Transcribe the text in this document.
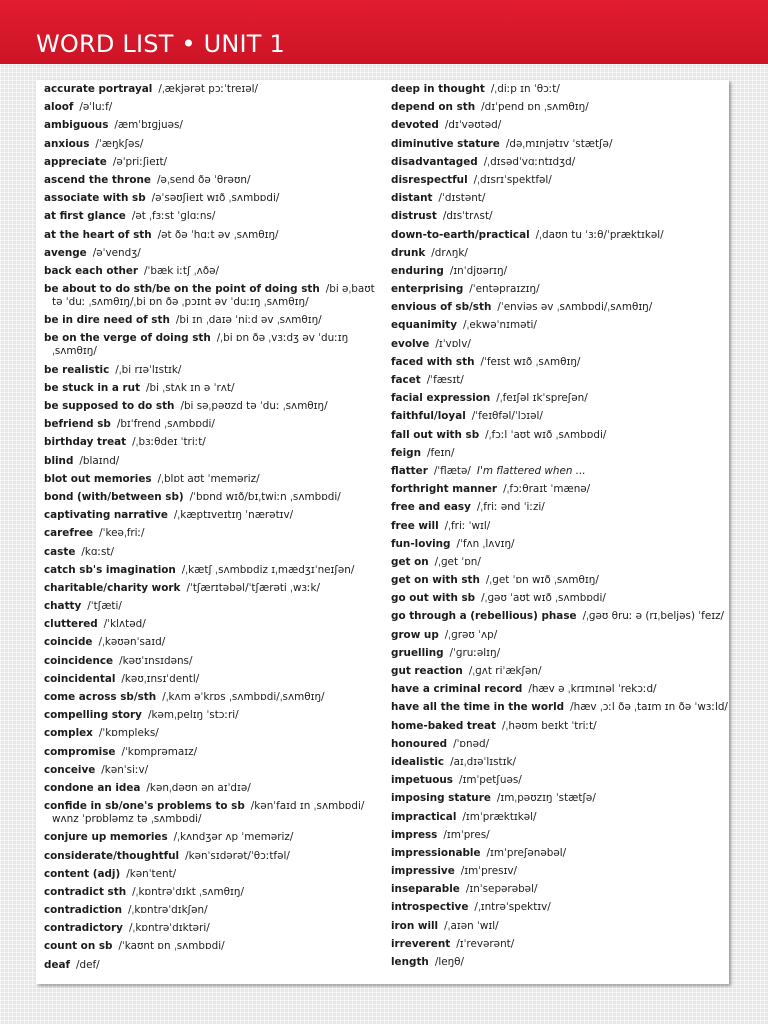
WORD LIST • UNIT 1
accurate portrayal /ˌækjərət pɔːˈtreɪəl/
aloof /əˈluːf/
ambiguous /æmˈbɪɡjuəs/
anxious /ˈæŋkʃəs/
appreciate /əˈpriːʃieɪt/
ascend the throne /əˌsend ðə ˈθrəʊn/
associate with sb /əˈsəʊʃieɪt wɪð ˌsʌmbɒdi/
at first glance /ət ˌfɜːst ˈɡlɑːns/
at the heart of sth /ət ðə ˈhɑːt əv ˌsʌmθɪŋ/
avenge /əˈvendʒ/
back each other /ˈbæk iːtʃ ˌʌðə/
be about to do sth/be on the point of doing sth /bi əˌbaʊt
tə ˈduː ˌsʌmθɪŋ/ˌbi ɒn ðə ˌpɔɪnt əv ˈduːɪŋ ˌsʌmθɪŋ/
be in dire need of sth /bi ɪn ˌdaɪə ˈniːd əv ˌsʌmθɪŋ/
be on the verge of doing sth /ˌbi ɒn ðə ˌvɜːdʒ əv ˈduːɪŋ
ˌsʌmθɪŋ/
be realistic /ˌbi rɪəˈlɪstɪk/
be stuck in a rut /bi ˌstʌk ɪn ə ˈrʌt/
be supposed to do sth /bi səˌpəʊzd tə ˈduː ˌsʌmθɪŋ/
befriend sb /bɪˈfrend ˌsʌmbɒdi/
birthday treat /ˌbɜːθdeɪ ˈtriːt/
blind /blaɪnd/
blot out memories /ˌblɒt aʊt ˈmeməriz/
bond (with/between sb) /ˈbɒnd wɪð/bɪˌtwiːn ˌsʌmbɒdi/
captivating narrative /ˌkæptɪveɪtɪŋ ˈnærətɪv/
carefree /ˈkeəˌfriː/
caste /kɑːst/
catch sb's imagination /ˌkætʃ ˌsʌmbɒdiz ɪˌmædʒɪˈneɪʃən/
charitable/charity work /ˈtʃærɪtəbəl/ˈtʃærəti ˌwɜːk/
chatty /ˈtʃæti/
cluttered /ˈklʌtəd/
coincide /ˌkəʊənˈsaɪd/
coincidence /kəʊˈɪnsɪdəns/
coincidental /kəʊˌɪnsɪˈdentl/
come across sb/sth /ˌkʌm əˈkrɒs ˌsʌmbɒdi/ˌsʌmθɪŋ/
compelling story /kəmˌpelɪŋ ˈstɔːri/
complex /ˈkɒmpleks/
compromise /ˈkɒmprəmaɪz/
conceive /kənˈsiːv/
condone an idea /kənˌdəʊn ən aɪˈdɪə/
confide in sb/one's problems to sb /kənˈfaɪd ɪn ˌsʌmbɒdi/
wʌnz ˈprɒbləmz tə ˌsʌmbɒdi/
conjure up memories /ˌkʌndʒər ʌp ˈmeməriz/
considerate/thoughtful /kənˈsɪdərət/ˈθɔːtfəl/
content (adj) /kənˈtent/
contradict sth /ˌkɒntrəˈdɪkt ˌsʌmθɪŋ/
contradiction /ˌkɒntrəˈdɪkʃən/
contradictory /ˌkɒntrəˈdɪktəri/
count on sb /ˈkaʊnt ɒn ˌsʌmbɒdi/
deaf /def/
deep in thought /ˌdiːp ɪn ˈθɔːt/
depend on sth /dɪˈpend ɒn ˌsʌmθɪŋ/
devoted /dɪˈvəʊtəd/
diminutive stature /dəˌmɪnjətɪv ˈstætʃə/
disadvantaged /ˌdɪsədˈvɑːntɪdʒd/
disrespectful /ˌdɪsrɪˈspektfəl/
distant /ˈdɪstənt/
distrust /dɪsˈtrʌst/
down-to-earth/practical /ˌdaʊn tu ˈɜːθ/ˈpræktɪkəl/
drunk /drʌŋk/
enduring /ɪnˈdjʊərɪŋ/
enterprising /ˈentəpraɪzɪŋ/
envious of sb/sth /ˈenviəs əv ˌsʌmbɒdi/ˌsʌmθɪŋ/
equanimity /ˌekwəˈnɪməti/
evolve /ɪˈvɒlv/
faced with sth /ˈfeɪst wɪð ˌsʌmθɪŋ/
facet /ˈfæsɪt/
facial expression /ˌfeɪʃəl ɪkˈspreʃən/
faithful/loyal /ˈfeɪθfəl/ˈlɔɪəl/
fall out with sb /ˌfɔːl ˈaʊt wɪð ˌsʌmbɒdi/
feign /feɪn/
flatter /ˈflætə/ I'm flattered when ...
forthright manner /ˌfɔːθraɪt ˈmænə/
free and easy /ˌfriː ənd ˈiːzi/
free will /ˌfriː ˈwɪl/
fun-loving /ˈfʌn ˌlʌvɪŋ/
get on /ˌɡet ˈɒn/
get on with sth /ˌɡet ˈɒn wɪð ˌsʌmθɪŋ/
go out with sb /ˌɡəʊ ˈaʊt wɪð ˌsʌmbɒdi/
go through a (rebellious) phase /ˌɡəʊ θruː ə (rɪˌbeljəs) ˈfeɪz/
grow up /ˌɡrəʊ ˈʌp/
gruelling /ˈɡruːəlɪŋ/
gut reaction /ˌɡʌt riˈækʃən/
have a criminal record /hæv ə ˌkrɪmɪnəl ˈrekɔːd/
have all the time in the world /hæv ˌɔːl ðə ˌtaɪm ɪn ðə ˈwɜːld/
home-baked treat /ˌhəʊm beɪkt ˈtriːt/
honoured /ˈɒnəd/
idealistic /aɪˌdɪəˈlɪstɪk/
impetuous /ɪmˈpetʃuəs/
imposing stature /ɪmˌpəʊzɪŋ ˈstætʃə/
impractical /ɪmˈpræktɪkəl/
impress /ɪmˈpres/
impressionable /ɪmˈpreʃənəbəl/
impressive /ɪmˈpresɪv/
inseparable /ɪnˈsepərəbəl/
introspective /ˌɪntrəˈspektɪv/
iron will /ˌaɪən ˈwɪl/
irreverent /ɪˈrevərənt/
length /leŋθ/
